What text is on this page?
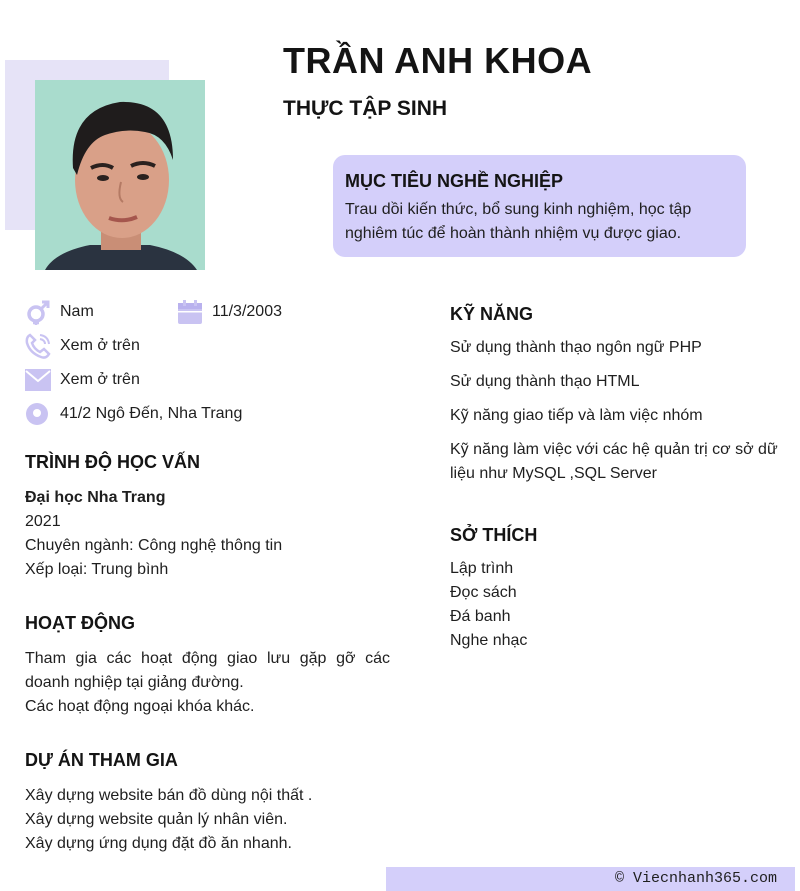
TRẦN ANH KHOA
THỰC TẬP SINH
MỤC TIÊU NGHỀ NGHIỆP

Trau dồi kiến thức, bổ sung kinh nghiệm, học tập nghiêm túc để hoàn thành nhiệm vụ được giao.

Nam	11/3/2003
Xem ở trên
Xem ở trên
41/2 Ngô Đến, Nha Trang
TRÌNH ĐỘ HỌC VẤN
Đại học Nha Trang
2021
Chuyên ngành: Công nghệ thông tin
Xếp loại: Trung bình
HOẠT ĐỘNG
Tham gia các hoạt động giao lưu gặp gỡ các doanh nghiệp tại giảng đường.
Các hoạt động ngoại khóa khác.
DỰ ÁN THAM GIA
Xây dựng website bán đồ dùng nội thất .
Xây dựng website quản lý nhân viên.
Xây dựng ứng dụng đặt đồ ăn nhanh.
KỸ NĂNG
Sử dụng thành thạo ngôn ngữ PHP
Sử dụng thành thạo HTML
Kỹ năng giao tiếp và làm việc nhóm
Kỹ năng làm việc với các hệ quản trị cơ sở dữ liệu như MySQL ,SQL Server
SỞ THÍCH
Lập trình
Đọc sách
Đá banh
Nghe nhạc
© Viecnhanh365.com
